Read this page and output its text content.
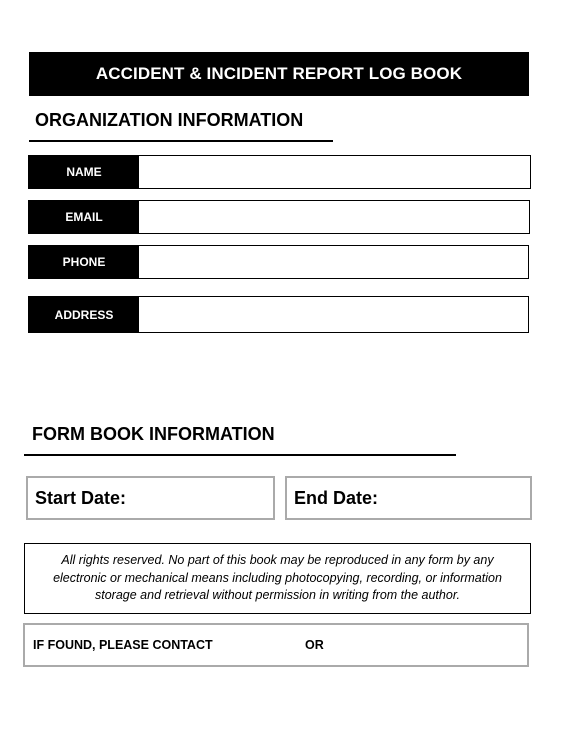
ACCIDENT & INCIDENT REPORT LOG BOOK
ORGANIZATION INFORMATION
NAME
EMAIL
PHONE
ADDRESS
FORM BOOK INFORMATION
Start Date:	End Date:
All rights reserved. No part of this book may be reproduced in any form by any electronic or mechanical means including photocopying, recording, or information storage and retrieval without permission in writing from the author.
IF FOUND, PLEASE CONTACT	OR
